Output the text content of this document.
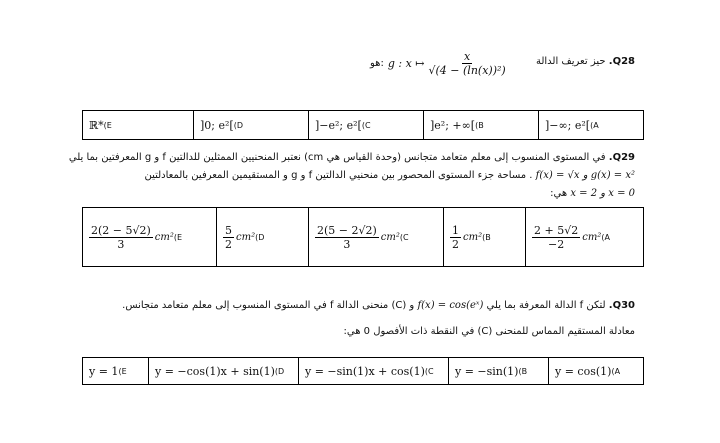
Q28. حيز تعريف الدالة
هو: g : x ↦ $\frac{x}{\text{√(4 − (ln(x))²)}}$
A)
]−∞; e²[
B)
]e²; +∞[
C)
]−e²; e²[
D)
]0; e²[
E)
ℝ*
Q29. في المستوى المنسوب إلى معلم متعامد متجانس (وحدة القياس هي cm) نعتبر المنحنيين الممثلين للدالتين f و g المعرفتين بما يلي
f(x) = √x و g(x) = x² . مساحة جزء المستوى المحصور بين منحنيي الدالتين f و g و المستقيمين المعرفين بالمعادلتين
x = 2 و x = 0 هي:
A)
cm²
$\frac{2 + 5√2}{-2}$
B)
cm²
$\frac{1}{2}$
C)
cm²
$\frac{2(5 - 2√2)}{3}$
D)
cm²
$\frac{5}{2}$
E)
cm²
$\frac{2(2 - 5√2)}{3}$
Q30. لتكن f الدالة المعرفة بما يلي f(x) = cos(eˣ) و (C) منحنى الدالة f في المستوى المنسوب إلى معلم متعامد متجانس.
معادلة المستقيم المماس للمنحنى (C) في النقطة ذات الأفصول 0 هي:
A)
y = cos(1)
B)
y = −sin(1)
C)
y = −sin(1)x + cos(1)
D)
y = −cos(1)x + sin(1)
E)
y = 1
